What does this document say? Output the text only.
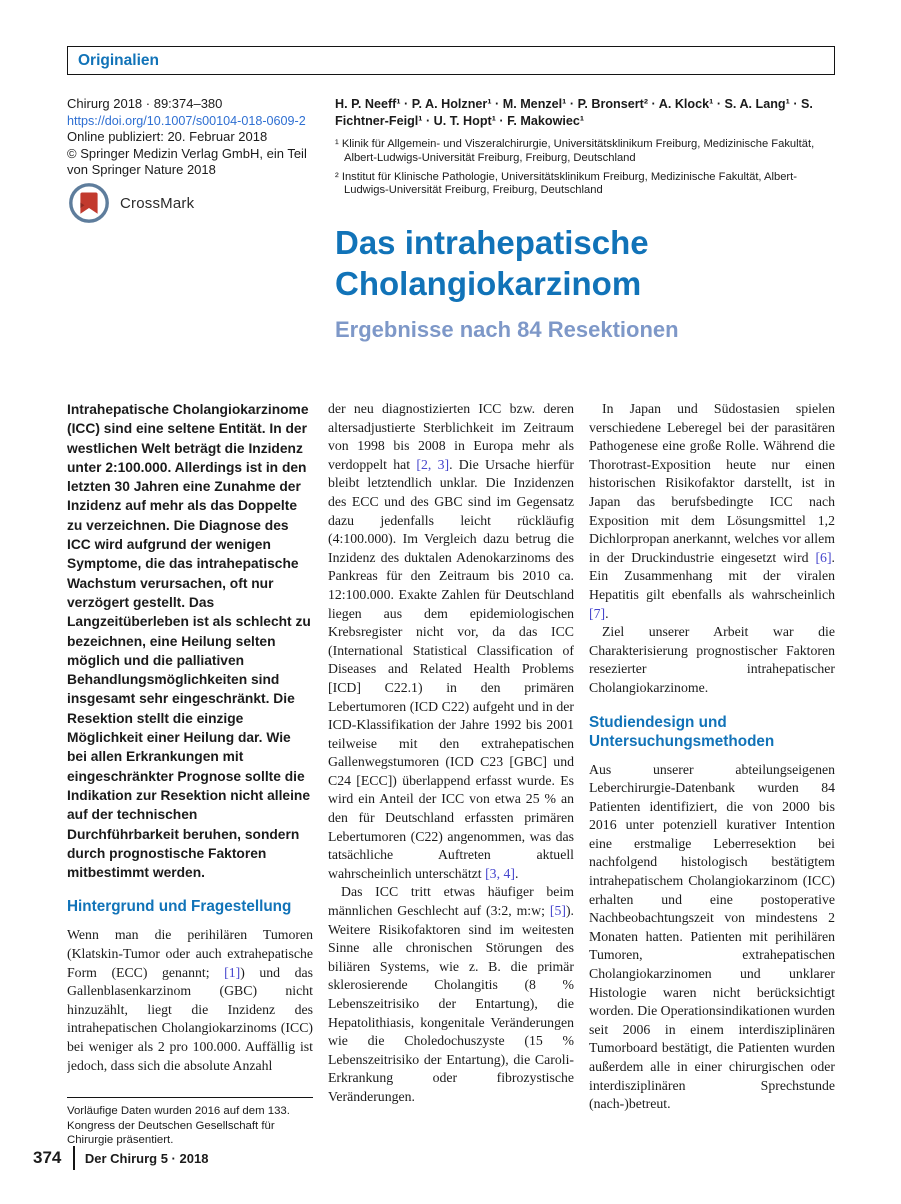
Originalien
Chirurg 2018 · 89:374–380
https://doi.org/10.1007/s00104-018-0609-2
Online publiziert: 20. Februar 2018
© Springer Medizin Verlag GmbH, ein Teil von Springer Nature 2018
H. P. Neeff¹ · P. A. Holzner¹ · M. Menzel¹ · P. Bronsert² · A. Klock¹ · S. A. Lang¹ · S. Fichtner-Feigl¹ · U. T. Hopt¹ · F. Makowiec¹
¹ Klinik für Allgemein- und Viszeralchirurgie, Universitätsklinikum Freiburg, Medizinische Fakultät, Albert-Ludwigs-Universität Freiburg, Freiburg, Deutschland
² Institut für Klinische Pathologie, Universitätsklinikum Freiburg, Medizinische Fakultät, Albert-Ludwigs-Universität Freiburg, Freiburg, Deutschland
CrossMark
Das intrahepatische Cholangiokarzinom
Ergebnisse nach 84 Resektionen

Intrahepatische Cholangiokarzinome (ICC) sind eine seltene Entität. In der westlichen Welt beträgt die Inzidenz unter 2:100.000. Allerdings ist in den letzten 30 Jahren eine Zunahme der Inzidenz auf mehr als das Doppelte zu verzeichnen. Die Diagnose des ICC wird aufgrund der wenigen Symptome, die das intrahepatische Wachstum verursachen, oft nur verzögert gestellt. Das Langzeitüberleben ist als schlecht zu bezeichnen, eine Heilung selten möglich und die palliativen Behandlungsmöglichkeiten sind insgesamt sehr eingeschränkt. Die Resektion stellt die einzige Möglichkeit einer Heilung dar. Wie bei allen Erkrankungen mit eingeschränkter Prognose sollte die Indikation zur Resektion nicht alleine auf der technischen Durchführbarkeit beruhen, sondern durch prognostische Faktoren mitbestimmt werden.

Hintergrund und Fragestellung

Wenn man die perihilären Tumoren (Klatskin-Tumor oder auch extrahepatische Form (ECC) genannt; [1]) und das Gallenblasenkarzinom (GBC) nicht hinzuzählt, liegt die Inzidenz des intrahepatischen Cholangiokarzinoms (ICC) bei weniger als 2 pro 100.000. Auffällig ist jedoch, dass sich die absolute Anzahl

Vorläufige Daten wurden 2016 auf dem 133. Kongress der Deutschen Gesellschaft für Chirurgie präsentiert.

der neu diagnostizierten ICC bzw. deren altersadjustierte Sterblichkeit im Zeitraum von 1998 bis 2008 in Europa mehr als verdoppelt hat [2, 3]. Die Ursache hierfür bleibt letztendlich unklar. Die Inzidenzen des ECC und des GBC sind im Gegensatz dazu jedenfalls leicht rückläufig (4:100.000). Im Vergleich dazu betrug die Inzidenz des duktalen Adenokarzinoms des Pankreas für den Zeitraum bis 2010 ca. 12:100.000. Exakte Zahlen für Deutschland liegen aus dem epidemiologischen Krebsregister nicht vor, da das ICC (International Statistical Classification of Diseases and Related Health Problems [ICD] C22.1) in den primären Lebertumoren (ICD C22) aufgeht und in der ICD-Klassifikation der Jahre 1992 bis 2001 teilweise mit den extrahepatischen Gallenwegstumoren (ICD C23 [GBC] und C24 [ECC]) überlappend erfasst wurde. Es wird ein Anteil der ICC von etwa 25 % an den für Deutschland erfassten primären Lebertumoren (C22) angenommen, was das tatsächliche Auftreten aktuell wahrscheinlich unterschätzt [3, 4].

Das ICC tritt etwas häufiger beim männlichen Geschlecht auf (3:2, m:w; [5]). Weitere Risikofaktoren sind im weitesten Sinne alle chronischen Störungen des biliären Systems, wie z. B. die primär sklerosierende Cholangitis (8 % Lebenszeitrisiko der Entartung), die Hepatolithiasis, kongenitale Veränderungen wie die Choledochuszyste (15 % Lebenszeitrisiko der Entartung), die Caroli-Erkrankung oder fibrozystische Veränderungen.

In Japan und Südostasien spielen verschiedene Leberegel bei der parasitären Pathogenese eine große Rolle. Während die Thorotrast-Exposition heute nur einen historischen Risikofaktor darstellt, ist in Japan das berufsbedingte ICC nach Exposition mit dem Lösungsmittel 1,2 Dichlorpropan anerkannt, welches vor allem in der Druckindustrie eingesetzt wird [6]. Ein Zusammenhang mit der viralen Hepatitis gilt ebenfalls als wahrscheinlich [7].

Ziel unserer Arbeit war die Charakterisierung prognostischer Faktoren resezierter intrahepatischer Cholangiokarzinome.

Studiendesign und Untersuchungsmethoden

Aus unserer abteilungseigenen Leberchirurgie-Datenbank wurden 84 Patienten identifiziert, die von 2000 bis 2016 unter potenziell kurativer Intention eine erstmalige Leberresektion bei nachfolgend histologisch bestätigtem intrahepatischem Cholangiokarzinom (ICC) erhalten und eine postoperative Nachbeobachtungszeit von mindestens 2 Monaten hatten. Patienten mit perihilären Tumoren, extrahepatischen Cholangiokarzinomen und unklarer Histologie waren nicht berücksichtigt worden. Die Operationsindikationen wurden seit 2006 in einem interdisziplinären Tumorboard bestätigt, die Patienten wurden außerdem alle in einer chirurgischen oder interdisziplinären Sprechstunde (nach-)betreut.

374 Der Chirurg 5 · 2018
